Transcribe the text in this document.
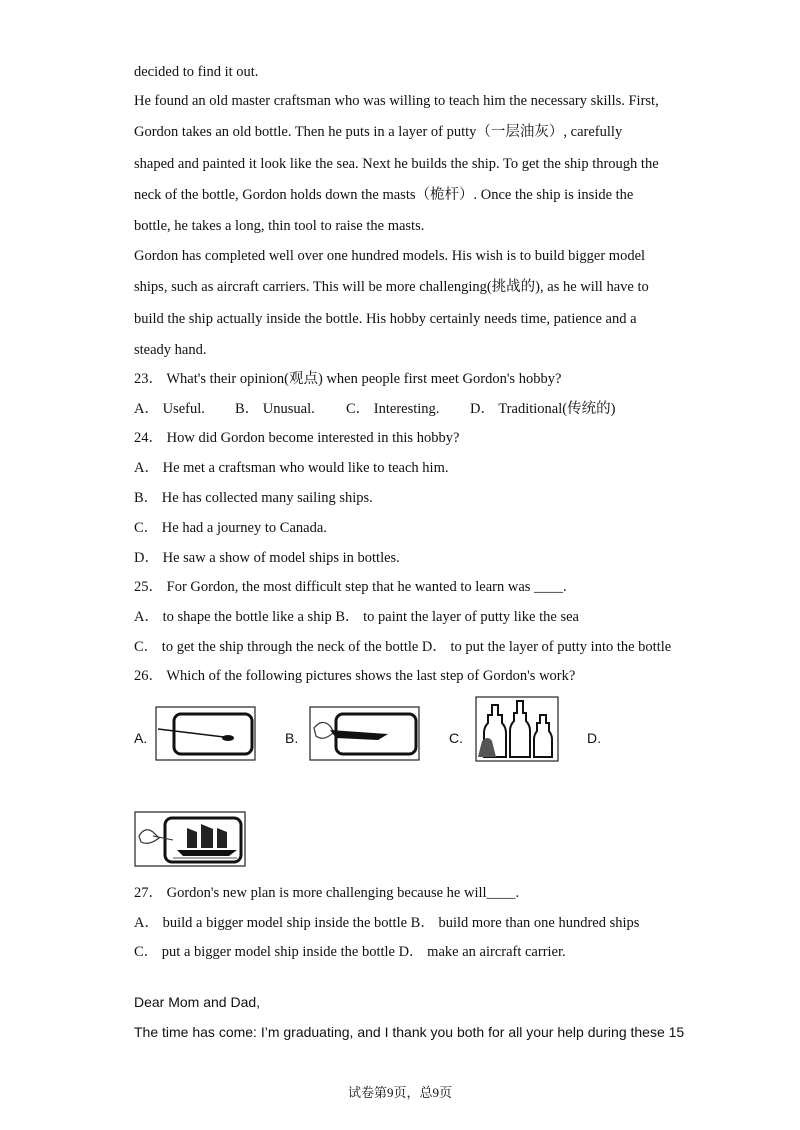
decided to find it out.
He found an old master craftsman who was willing to teach him the necessary skills. First,
Gordon takes an old bottle. Then he puts in a layer of putty（一层油灰）, carefully
shaped and painted it look like the sea. Next he builds the ship. To get the ship through the
neck of the bottle, Gordon holds down the masts（桅杆）. Once the ship is inside the
bottle, he takes a long, thin tool to raise the masts.
Gordon has completed well over one hundred models. His wish is to build bigger model
ships, such as aircraft carriers. This will be more challenging(挑战的), as he will have to
build the ship actually inside the bottle. His hobby certainly needs time, patience and a
steady hand.
23． What's their opinion(观点) when people first meet Gordon's hobby?
A． Useful. B． Unusual. C． Interesting. D． Traditional(传统的)
24． How did Gordon become interested in this hobby?
A． He met a craftsman who would like to teach him.
B． He has collected many sailing ships.
C． He had a journey to Canada.
D． He saw a show of model ships in bottles.
25． For Gordon, the most difficult step that he wanted to learn was ____.
A． to shape the bottle like a ship B． to paint the layer of putty like the sea
C． to get the ship through the neck of the bottle D． to put the layer of putty into the bottle
26． Which of the following pictures shows the last step of Gordon's work?
A.	B.	C.	D.
27． Gordon's new plan is more challenging because he will____.
A． build a bigger model ship inside the bottle B． build more than one hundred ships
C． put a bigger model ship inside the bottle D． make an aircraft carrier.
Dear Mom and Dad,
The time has come: I’m graduating, and I thank you both for all your help during these 15
试卷第9页，总9页
